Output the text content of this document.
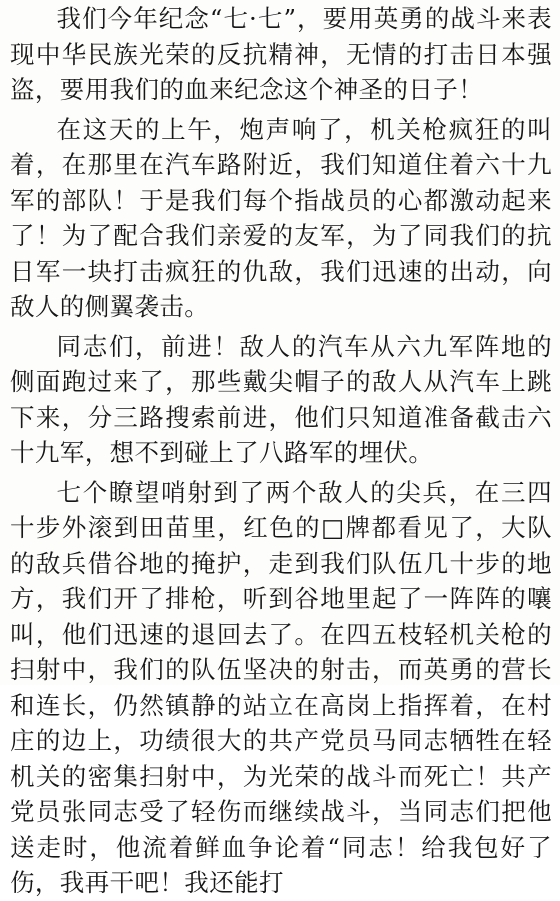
我们今年纪念“七·七”，要用英勇的战斗来表现中华民族光荣的反抗精神，无情的打击日本强盗，要用我们的血来纪念这个神圣的日子！

在这天的上午，炮声响了，机关枪疯狂的叫着，在那里在汽车路附近，我们知道住着六十九军的部队！于是我们每个指战员的心都激动起来了！为了配合我们亲爱的友军，为了同我们的抗日军一块打击疯狂的仇敌，我们迅速的出动，向敌人的侧翼袭击。

同志们，前进！敌人的汽车从六九军阵地的侧面跑过来了，那些戴尖帽子的敌人从汽车上跳下来，分三路搜索前进，他们只知道准备截击六十九军，想不到碰上了八路军的埋伏。

七个瞭望哨射到了两个敌人的尖兵，在三四十步外滚到田苗里，红色的□牌都看见了，大队的敌兵借谷地的掩护，走到我们队伍几十步的地方，我们开了排枪，听到谷地里起了一阵阵的嚷叫，他们迅速的退回去了。在四五枝轻机关枪的扫射中，我们的队伍坚决的射击，而英勇的营长和连长，仍然镇静的站立在高岗上指挥着，在村庄的边上，功绩很大的共产党员马同志牺牲在轻机关的密集扫射中，为光荣的战斗而死亡！共产党员张同志受了轻伤而继续战斗，当同志们把他送走时，他流着鲜血争论着“同志！给我包好了伤，我再干吧！我还能打
